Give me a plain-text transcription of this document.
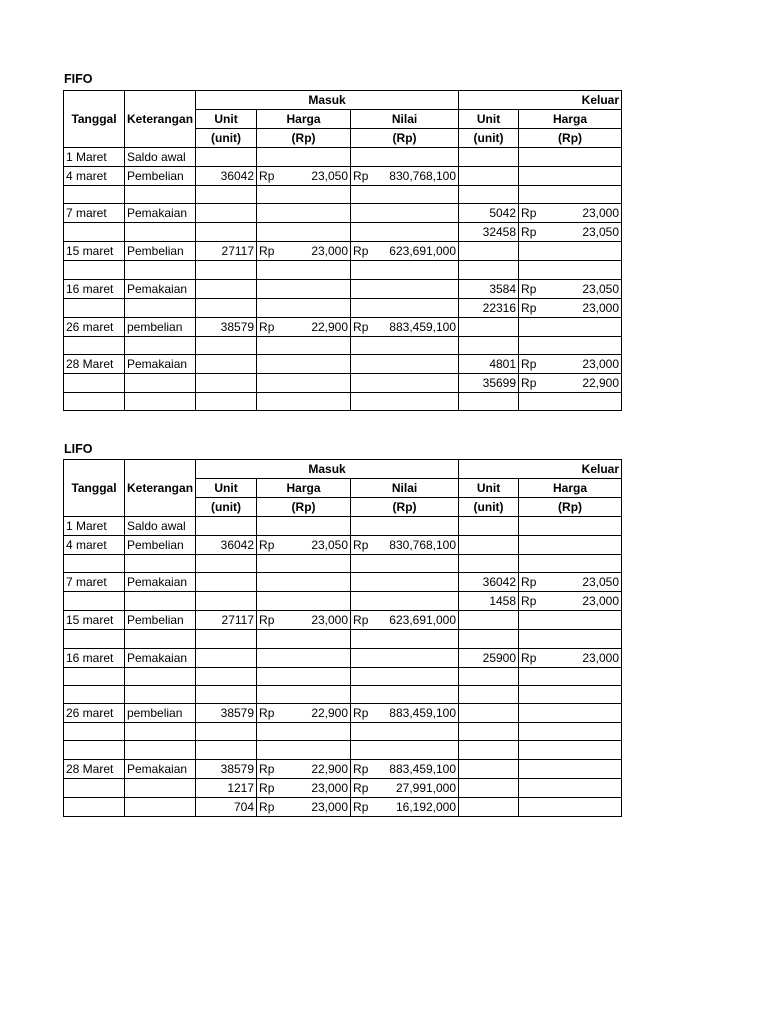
FIFO
Tanggal	Keterangan	Masuk			Keluar	
		Unit	Harga	Nilai	Unit	Harga
		(unit)	(Rp)	(Rp)	(unit)	(Rp)
1 Maret	Saldo awal					
4 maret	Pembelian	36042	Rp 23,050	Rp 830,768,100		

7 maret	Pemakaian				5042	Rp 23,000

					32458	Rp 23,050

15 maret	Pembelian	27117	Rp 23,000	Rp 623,691,000		

16 maret	Pemakaian				3584	Rp 23,050

					22316	Rp 23,000

26 maret	pembelian	38579	Rp 22,900	Rp 883,459,100		

28 Maret	Pemakaian				4801	Rp 23,000

					35699	Rp 22,900

LIFO
Tanggal	Keterangan	Masuk			Keluar	
		Unit	Harga	Nilai	Unit	Harga
		(unit)	(Rp)	(Rp)	(unit)	(Rp)
1 Maret	Saldo awal					
4 maret	Pembelian	36042	Rp 23,050	Rp 830,768,100		

7 maret	Pemakaian				36042	Rp 23,050

					1458	Rp 23,000

15 maret	Pembelian	27117	Rp 23,000	Rp 623,691,000		

16 maret	Pemakaian				25900	Rp 23,000

26 maret	pembelian	38579	Rp 22,900	Rp 883,459,100		

28 Maret	Pemakaian	38579	Rp 22,900	Rp 883,459,100		

		1217	Rp 23,000	Rp 27,991,000		

		704	Rp 23,000	Rp 16,192,000		
